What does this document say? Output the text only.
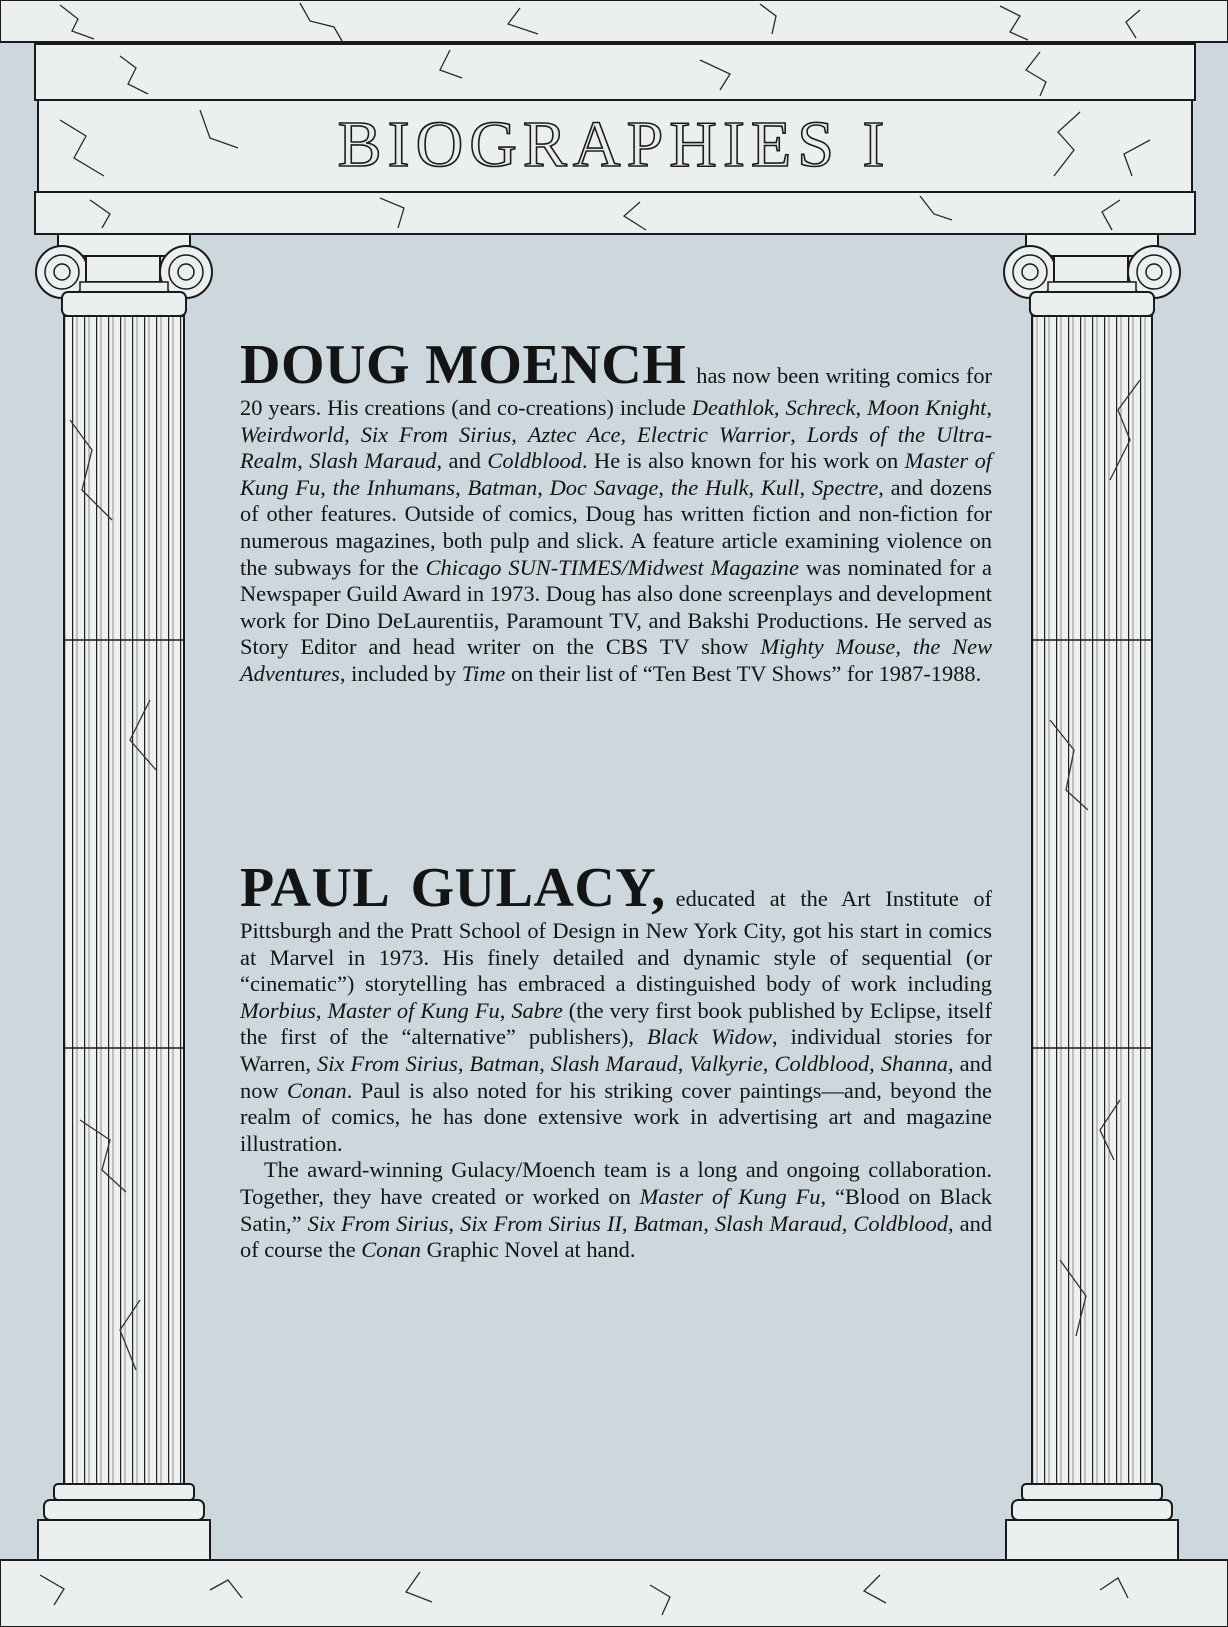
BIOGRAPHIES I

DOUG MOENCH has now been writing comics for 20 years. His creations (and co-creations) include Deathlok, Schreck, Moon Knight, Weirdworld, Six From Sirius, Aztec Ace, Electric Warrior, Lords of the Ultra-Realm, Slash Maraud, and Coldblood. He is also known for his work on Master of Kung Fu, the Inhumans, Batman, Doc Savage, the Hulk, Kull, Spectre, and dozens of other features. Outside of comics, Doug has written fiction and non-fiction for numerous magazines, both pulp and slick. A feature article examining violence on the subways for the Chicago SUN-TIMES/Midwest Magazine was nominated for a Newspaper Guild Award in 1973. Doug has also done screenplays and development work for Dino DeLaurentiis, Paramount TV, and Bakshi Productions. He served as Story Editor and head writer on the CBS TV show Mighty Mouse, the New Adventures, included by Time on their list of “Ten Best TV Shows” for 1987-1988.

PAUL GULACY, educated at the Art Institute of Pittsburgh and the Pratt School of Design in New York City, got his start in comics at Marvel in 1973. His finely detailed and dynamic style of sequential (or “cinematic”) storytelling has embraced a distinguished body of work including Morbius, Master of Kung Fu, Sabre (the very first book published by Eclipse, itself the first of the “alternative” publishers), Black Widow, individual stories for Warren, Six From Sirius, Batman, Slash Maraud, Valkyrie, Coldblood, Shanna, and now Conan. Paul is also noted for his striking cover paintings—and, beyond the realm of comics, he has done extensive work in advertising art and magazine illustration.

The award-winning Gulacy/Moench team is a long and ongoing collaboration. Together, they have created or worked on Master of Kung Fu, “Blood on Black Satin,” Six From Sirius, Six From Sirius II, Batman, Slash Maraud, Coldblood, and of course the Conan Graphic Novel at hand.
